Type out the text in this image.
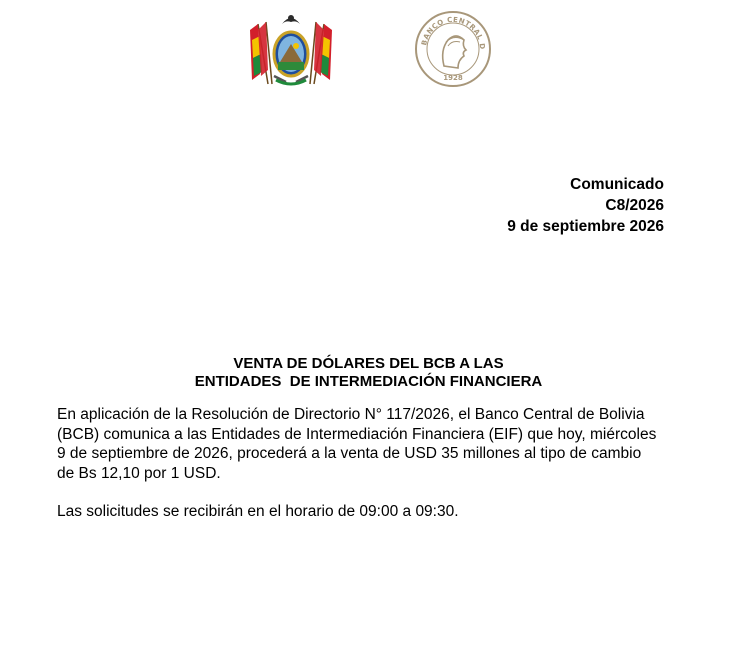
BANCO CENTRAL D
1928
Comunicado
C8/2026
9 de septiembre 2026
VENTA DE DÓLARES DEL BCB A LAS
ENTIDADES  DE INTERMEDIACIÓN FINANCIERA
En aplicación de la Resolución de Directorio N° 117/2026, el Banco Central de Bolivia
(BCB) comunica a las Entidades de Intermediación Financiera (EIF) que hoy, miércoles
9 de septiembre de 2026, procederá a la venta de USD 35 millones al tipo de cambio
de Bs 12,10 por 1 USD.
Las solicitudes se recibirán en el horario de 09:00 a 09:30.
